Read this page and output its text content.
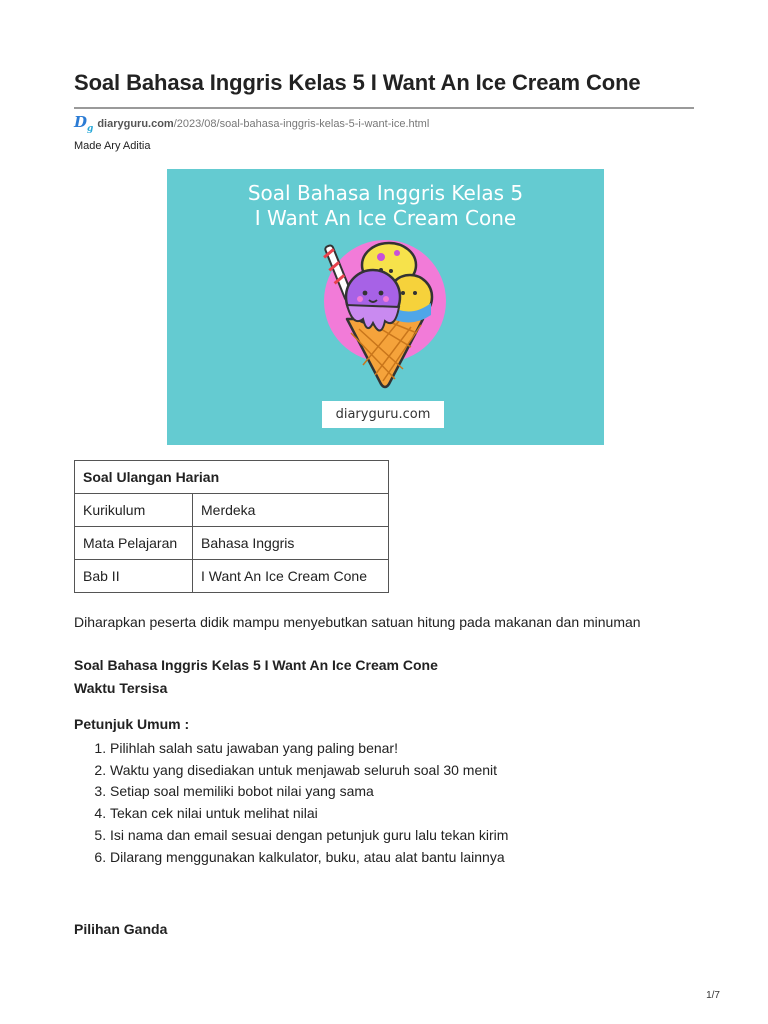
Soal Bahasa Inggris Kelas 5 I Want An Ice Cream Cone
$D_g$ diaryguru.com /2023/08/soal-bahasa-inggris-kelas-5-i-want-ice.html
Made Ary Aditia
Soal Bahasa Inggris Kelas 5
I Want An Ice Cream Cone
diaryguru.com
Soal Ulangan Harian	
Kurikulum	Merdeka
Mata Pelajaran	Bahasa Inggris
Bab II	I Want An Ice Cream Cone
Diharapkan peserta didik mampu menyebutkan satuan hitung pada makanan dan minuman
Soal Bahasa Inggris Kelas 5 I Want An Ice Cream Cone
Waktu Tersisa
Petunjuk Umum :
1. Pilihlah salah satu jawaban yang paling benar!
2. Waktu yang disediakan untuk menjawab seluruh soal 30 menit
3. Setiap soal memiliki bobot nilai yang sama
4. Tekan cek nilai untuk melihat nilai
5. Isi nama dan email sesuai dengan petunjuk guru lalu tekan kirim
6. Dilarang menggunakan kalkulator, buku, atau alat bantu lainnya
Pilihan Ganda
1/7
